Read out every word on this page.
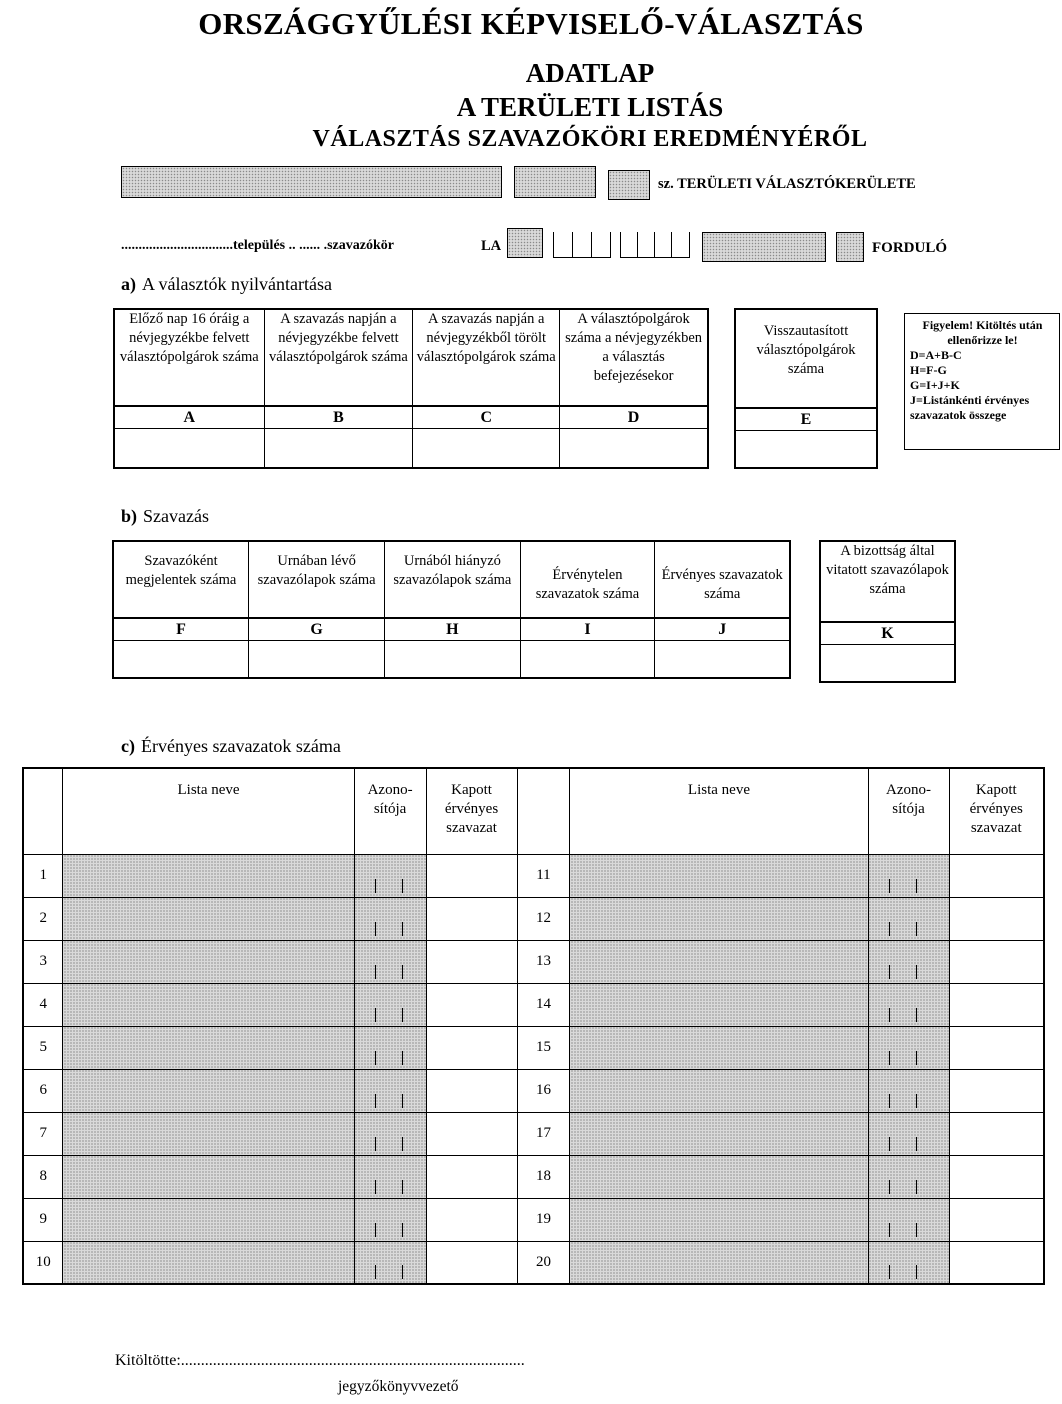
ORSZÁGGYŰLÉSI KÉPVISELŐ-VÁLASZTÁS
ADATLAP
A TERÜLETI LISTÁS
VÁLASZTÁS SZAVAZÓKÖRI EREDMÉNYÉRŐL
sz. TERÜLETI VÁLASZTÓKERÜLETE
................................település .. ...... .szavazókör	LA	FORDULÓ
a) A választók nyilvántartása
Előző nap 16 óráig a névjegyzékbe felvett választópolgárok száma	A szavazás napján a névjegyzékbe felvett választópolgárok száma	A szavazás napján a névjegyzékből törölt választópolgárok száma	A választópolgárok száma a névjegyzékben a választás befejezésekor
A	B	C	D

Visszautasított választópolgárok száma
E

Figyelem! Kitöltés után ellenőrizze le!
D=A+B-C
H=F-G
G=I+J+K
J=Listánkénti érvényes szavazatok összege
b) Szavazás
Szavazóként megjelentek száma	Urnában lévő szavazólapok száma	Urnából hiányzó szavazólapok száma	Érvénytelen szavazatok száma	Érvényes szavazatok száma
F	G	H	I	J

A bizottság által vitatott szavazólapok száma
K

c) Érvényes szavazatok száma
	Lista neve	Azono-sítója	Kapott érvényes szavazat		Lista neve	Azono-sítója	Kapott érvényes szavazat
1				11		

2				12		

3				13		

4				14		

5				15		

6				16		

7				17		

8				18		

9				19		

10				20		

Kitöltötte:......................................................................................
jegyzőkönyvvezető
